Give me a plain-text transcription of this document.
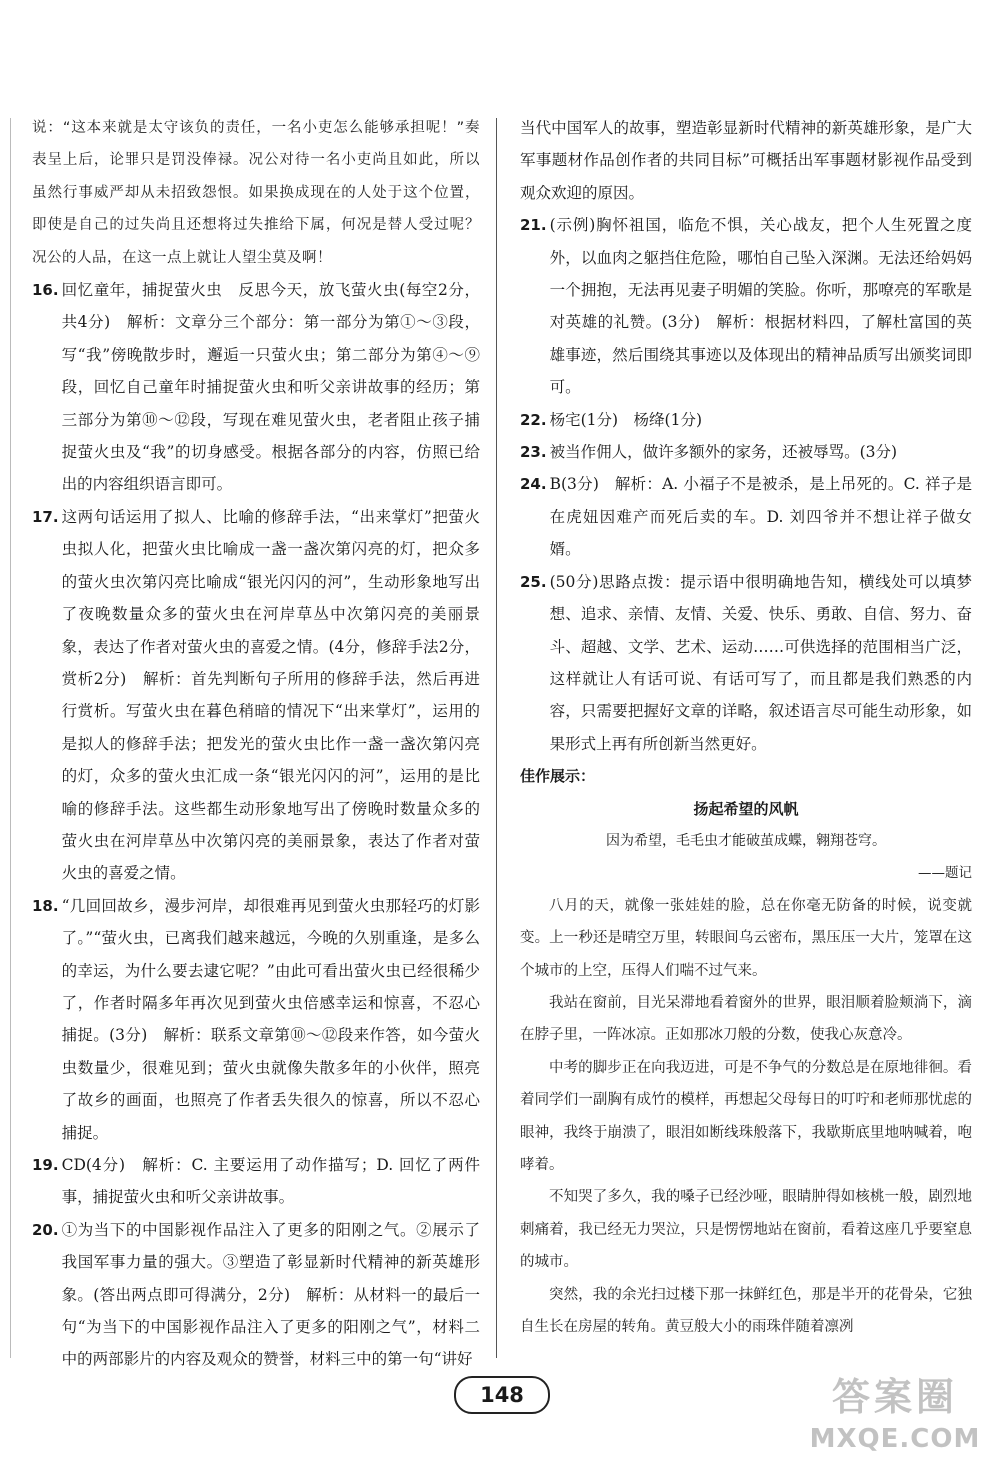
说：“这本来就是太守该负的责任，一名小吏怎么能够承担呢！”奏表呈上后，论罪只是罚没俸禄。况公对待一名小吏尚且如此，所以虽然行事威严却从未招致怨恨。如果换成现在的人处于这个位置，即使是自己的过失尚且还想将过失推给下属，何况是替人受过呢？况公的人品，在这一点上就让人望尘莫及啊！

16. 回忆童年，捕捉萤火虫　反思今天，放飞萤火虫(每空2分，共4分)　解析：文章分三个部分：第一部分为第①～③段，写“我”傍晚散步时，邂逅一只萤火虫；第二部分为第④～⑨段，回忆自己童年时捕捉萤火虫和听父亲讲故事的经历；第三部分为第⑩～⑫段，写现在难见萤火虫，老者阻止孩子捕捉萤火虫及“我”的切身感受。根据各部分的内容，仿照已给出的内容组织语言即可。

17. 这两句话运用了拟人、比喻的修辞手法，“出来掌灯”把萤火虫拟人化，把萤火虫比喻成一盏一盏次第闪亮的灯，把众多的萤火虫次第闪亮比喻成“银光闪闪的河”，生动形象地写出了夜晚数量众多的萤火虫在河岸草丛中次第闪亮的美丽景象，表达了作者对萤火虫的喜爱之情。(4分，修辞手法2分，赏析2分)　解析：首先判断句子所用的修辞手法，然后再进行赏析。写萤火虫在暮色稍暗的情况下“出来掌灯”，运用的是拟人的修辞手法；把发光的萤火虫比作一盏一盏次第闪亮的灯，众多的萤火虫汇成一条“银光闪闪的河”，运用的是比喻的修辞手法。这些都生动形象地写出了傍晚时数量众多的萤火虫在河岸草丛中次第闪亮的美丽景象，表达了作者对萤火虫的喜爱之情。

18. “几回回故乡，漫步河岸，却很难再见到萤火虫那轻巧的灯影了。”“萤火虫，已离我们越来越远，今晚的久别重逢，是多么的幸运，为什么要去逮它呢？”由此可看出萤火虫已经很稀少了，作者时隔多年再次见到萤火虫倍感幸运和惊喜，不忍心捕捉。(3分)　解析：联系文章第⑩～⑫段来作答，如今萤火虫数量少，很难见到；萤火虫就像失散多年的小伙伴，照亮了故乡的画面，也照亮了作者丢失很久的惊喜，所以不忍心捕捉。

19. CD(4分)　解析：C. 主要运用了动作描写；D. 回忆了两件事，捕捉萤火虫和听父亲讲故事。

20. ①为当下的中国影视作品注入了更多的阳刚之气。②展示了我国军事力量的强大。③塑造了彰显新时代精神的新英雄形象。(答出两点即可得满分，2分)　解析：从材料一的最后一句“为当下的中国影视作品注入了更多的阳刚之气”，材料二中的两部影片的内容及观众的赞誉，材料三中的第一句“讲好

当代中国军人的故事，塑造彰显新时代精神的新英雄形象，是广大军事题材作品创作者的共同目标”可概括出军事题材影视作品受到观众欢迎的原因。

21. (示例)胸怀祖国，临危不惧，关心战友，把个人生死置之度外，以血肉之躯挡住危险，哪怕自己坠入深渊。无法还给妈妈一个拥抱，无法再见妻子明媚的笑脸。你听，那嘹亮的军歌是对英雄的礼赞。(3分)　解析：根据材料四，了解杜富国的英雄事迹，然后围绕其事迹以及体现出的精神品质写出颁奖词即可。

22. 杨宅(1分)　杨绛(1分)

23. 被当作佣人，做许多额外的家务，还被辱骂。(3分)

24. B(3分)　解析：A. 小福子不是被杀，是上吊死的。C. 祥子是在虎妞因难产而死后卖的车。D. 刘四爷并不想让祥子做女婿。

25. (50分)思路点拨：提示语中很明确地告知，横线处可以填梦想、追求、亲情、友情、关爱、快乐、勇敢、自信、努力、奋斗、超越、文学、艺术、运动……可供选择的范围相当广泛，这样就让人有话可说、有话可写了，而且都是我们熟悉的内容，只需要把握好文章的详略，叙述语言尽可能生动形象，如果形式上再有所创新当然更好。

佳作展示：
扬起希望的风帆
因为希望，毛毛虫才能破茧成蝶，翱翔苍穹。
——题记

八月的天，就像一张娃娃的脸，总在你毫无防备的时候，说变就变。上一秒还是晴空万里，转眼间乌云密布，黑压压一大片，笼罩在这个城市的上空，压得人们喘不过气来。

我站在窗前，目光呆滞地看着窗外的世界，眼泪顺着脸颊淌下，滴在脖子里，一阵冰凉。正如那冰刀般的分数，使我心灰意冷。

中考的脚步正在向我迈进，可是不争气的分数总是在原地徘徊。看着同学们一副胸有成竹的模样，再想起父母每日的叮咛和老师那忧虑的眼神，我终于崩溃了，眼泪如断线珠般落下，我歇斯底里地呐喊着，咆哮着。

不知哭了多久，我的嗓子已经沙哑，眼睛肿得如核桃一般，剧烈地刺痛着，我已经无力哭泣，只是愣愣地站在窗前，看着这座几乎要窒息的城市。

突然，我的余光扫过楼下那一抹鲜红色，那是半开的花骨朵，它独自生长在房屋的转角。黄豆般大小的雨珠伴随着凛冽

148	答案圈
MXQE.COM
